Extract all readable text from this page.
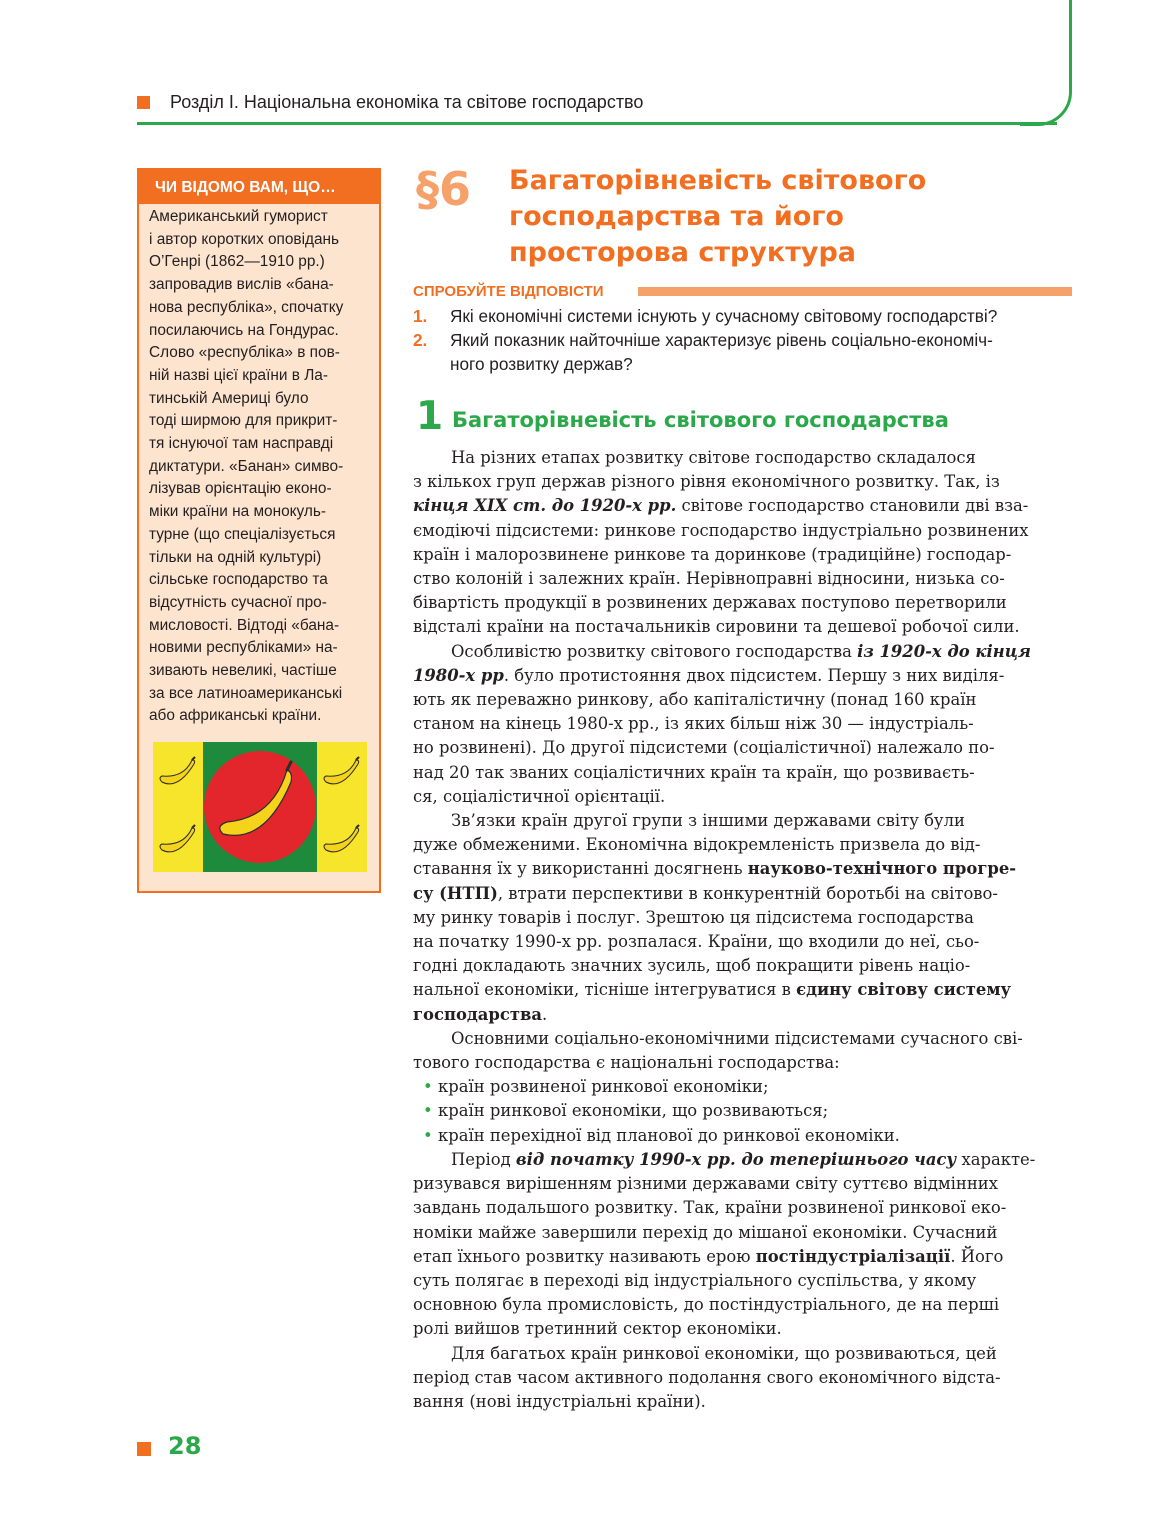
Розділ І. Національна економіка та світове господарство
ЧИ ВІДОМО ВАМ, ЩО…
Американський гуморист
і автор коротких оповідань
О’Генрі (1862—1910 рр.)
запровадив вислів «бана-
нова республіка», спочатку
посилаючись на Гондурас.
Слово «республіка» в пов-
ній назві цієї країни в Ла-
тинській Америці було
тоді ширмою для прикрит-
тя існуючої там насправді
диктатури. «Банан» симво-
лізував орієнтацію еконо-
міки країни на монокуль-
турне (що спеціалізується
тільки на одній культурі)
сільське господарство та
відсутність сучасної про-
мисловості. Відтоді «бана-
новими республіками» на-
зивають невеликі, частіше
за все латиноамериканські
або африканські країни.
§6 Багаторівневість світового
господарства та його
просторова структура
СПРОБУЙТЕ ВІДПОВІСТИ
1. Які економічні системи існують у сучасному світовому господарстві?
2. Який показник найточніше характеризує рівень соціально-економіч-
ного розвитку держав?
1 Багаторівневість світового господарства

На різних етапах розвитку світове господарство складалося
з кількох груп держав різного рівня економічного розвитку. Так, із
кінця ХІХ ст. до 1920-х рр. світове господарство становили дві вза-
ємодіючі підсистеми: ринкове господарство індустріально розвинених
країн і малорозвинене ринкове та доринкове (традиційне) господар-
ство колоній і залежних країн. Нерівноправні відносини, низька со-
бівартість продукції в розвинених державах поступово перетворили
відсталі країни на постачальників сировини та дешевої робочої сили.

Особливістю розвитку світового господарства із 1920-х до кінця
1980-х рр. було протистояння двох підсистем. Першу з них виділя-
ють як переважно ринкову, або капіталістичну (понад 160 країн
станом на кінець 1980-х рр., із яких більш ніж 30 — індустріаль-
но розвинені). До другої підсистеми (соціалістичної) належало по-
над 20 так званих соціалістичних країн та країн, що розвиваєть-
ся, соціалістичної орієнтації.

Зв’язки країн другої групи з іншими державами світу були
дуже обмеженими. Економічна відокремленість призвела до від-
ставання їх у використанні досягнень науково-технічного прогре-
су (НТП), втрати перспективи в конкурентній боротьбі на світово-
му ринку товарів і послуг. Зрештою ця підсистема господарства
на початку 1990-х рр. розпалася. Країни, що входили до неї, сьо-
годні докладають значних зусиль, щоб покращити рівень націо-
нальної економіки, тісніше інтегруватися в єдину світову систему
господарства.

Основними соціально-економічними підсистемами сучасного сві-
тового господарства є національні господарства:

• країн розвиненої ринкової економіки;
• країн ринкової економіки, що розвиваються;
• країн перехідної від планової до ринкової економіки.

Період від початку 1990-х рр. до теперішнього часу характе-
ризувався вирішенням різними державами світу суттєво відмінних
завдань подальшого розвитку. Так, країни розвиненої ринкової еко-
номіки майже завершили перехід до мішаної економіки. Сучасний
етап їхнього розвитку називають ерою постіндустріалізації. Його
суть полягає в переході від індустріального суспільства, у якому
основною була промисловість, до постіндустріального, де на перші
ролі вийшов третинний сектор економіки.

Для багатьох країн ринкової економіки, що розвиваються, цей
період став часом активного подолання свого економічного відста-
вання (нові індустріальні країни).

28
